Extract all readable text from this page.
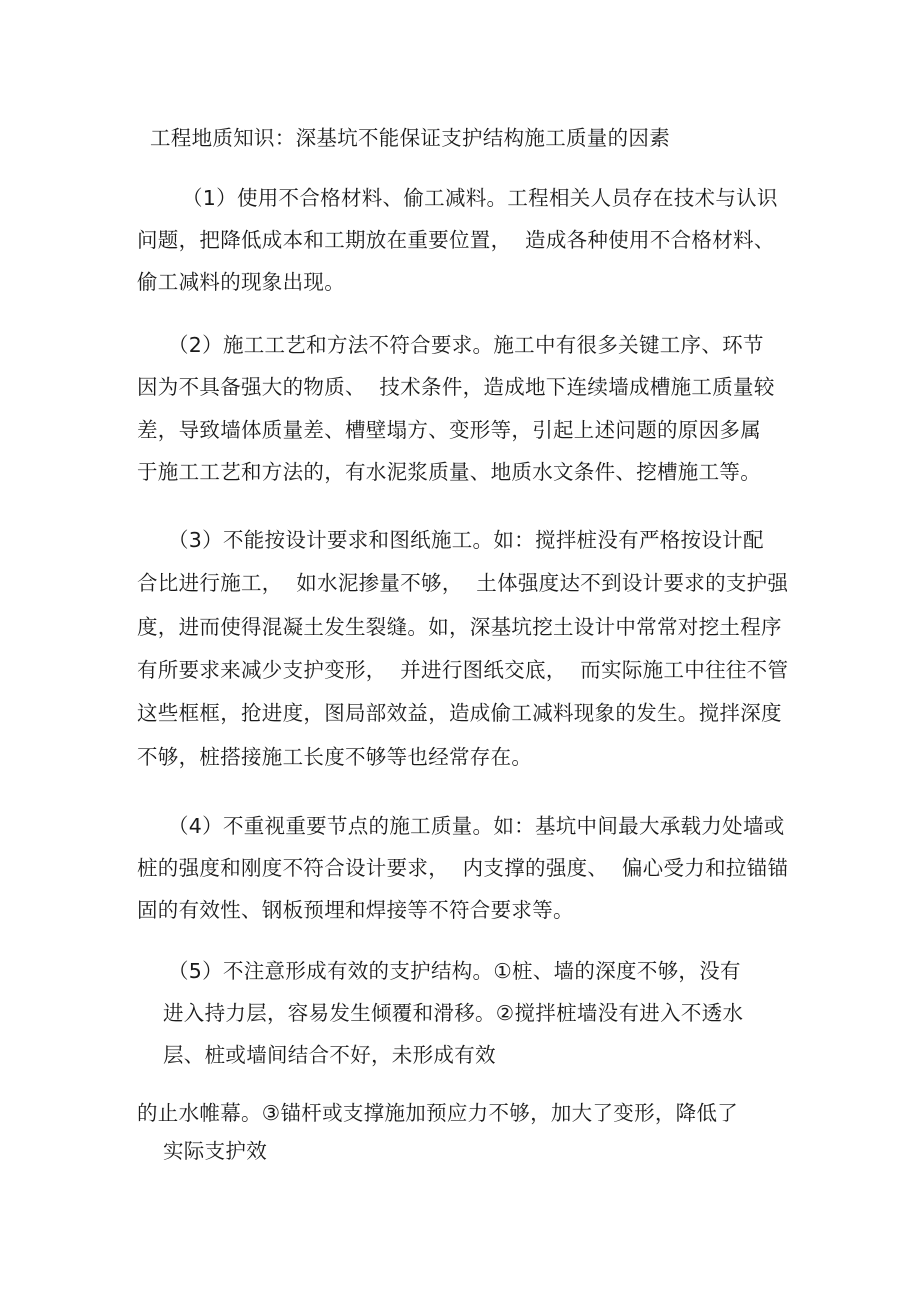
工程地质知识：深基坑不能保证支护结构施工质量的因素
（1）使用不合格材料、偷工减料。工程相关人员存在技术与认识
问题，把降低成本和工期放在重要位置，  造成各种使用不合格材料、
偷工减料的现象出现。
（2）施工工艺和方法不符合要求。施工中有很多关键工序、环节
因为不具备强大的物质、  技术条件，造成地下连续墙成槽施工质量较
差，导致墙体质量差、槽壁塌方、变形等，引起上述问题的原因多属
于施工工艺和方法的，有水泥浆质量、地质水文条件、挖槽施工等。
（3）不能按设计要求和图纸施工。如：搅拌桩没有严格按设计配
合比进行施工，  如水泥掺量不够，  土体强度达不到设计要求的支护强
度，进而使得混凝土发生裂缝。如，深基坑挖土设计中常常对挖土程序
有所要求来减少支护变形，  并进行图纸交底，  而实际施工中往往不管
这些框框，抢进度，图局部效益，造成偷工减料现象的发生。搅拌深度
不够，桩搭接施工长度不够等也经常存在。
（4）不重视重要节点的施工质量。如：基坑中间最大承载力处墙或
桩的强度和刚度不符合设计要求，  内支撑的强度、  偏心受力和拉锚锚
固的有效性、钢板预埋和焊接等不符合要求等。
（5）不注意形成有效的支护结构。①桩、墙的深度不够，没有
进入持力层，容易发生倾覆和滑移。②搅拌桩墙没有进入不透水
层、桩或墙间结合不好，未形成有效
的止水帷幕。③锚杆或支撑施加预应力不够，加大了变形，降低了
实际支护效
